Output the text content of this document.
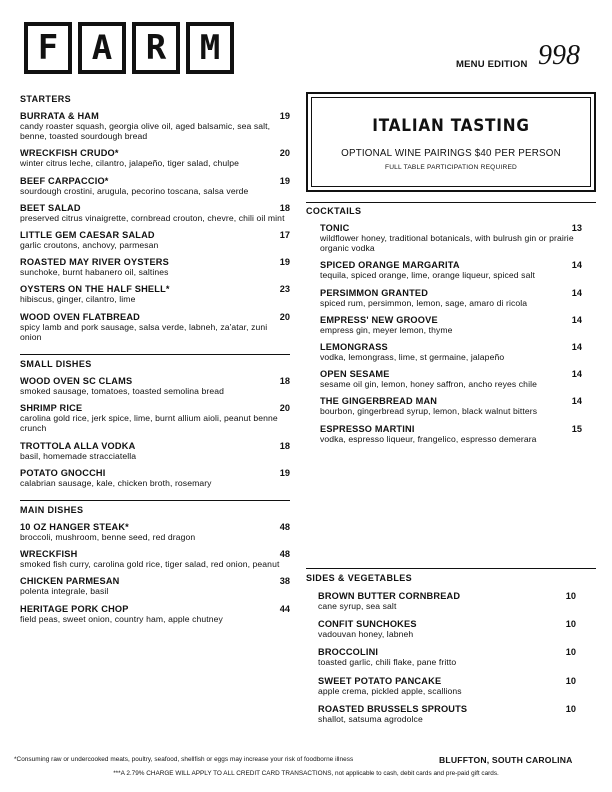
F A R M	MENU EDITION 998
STARTERS
BURRATA & HAM	19
candy roaster squash, georgia olive oil, aged balsamic, sea salt, benne, toasted sourdough bread
WRECKFISH CRUDO*	20
winter citrus leche, cilantro, jalapeño, tiger salad, chulpe
BEEF CARPACCIO*	19
sourdough crostini, arugula, pecorino toscana, salsa verde
BEET SALAD	18
preserved citrus vinaigrette, cornbread crouton, chevre, chili oil mint
LITTLE GEM CAESAR SALAD	17
garlic croutons, anchovy, parmesan
ROASTED MAY RIVER OYSTERS	19
sunchoke, burnt habanero oil, saltines
OYSTERS ON THE HALF SHELL*	23
hibiscus, ginger, cilantro, lime
WOOD OVEN FLATBREAD	20
spicy lamb and pork sausage, salsa verde, labneh, za'atar, zuni onion
SMALL DISHES
WOOD OVEN SC CLAMS	18
smoked sausage, tomatoes, toasted semolina bread
SHRIMP RICE	20
carolina gold rice, jerk spice, lime, burnt allium aioli, peanut benne crunch
TROTTOLA ALLA VODKA	18
basil, homemade stracciatella
POTATO GNOCCHI	19
calabrian sausage, kale, chicken broth, rosemary
MAIN DISHES
10 OZ HANGER STEAK*	48
broccoli, mushroom, benne seed, red dragon
WRECKFISH	48
smoked fish curry, carolina gold rice, tiger salad, red onion, peanut
CHICKEN PARMESAN	38
polenta integrale, basil
HERITAGE PORK CHOP	44
field peas, sweet onion, country ham, apple chutney
ITALIAN TASTING
OPTIONAL WINE PAIRINGS $40 PER PERSON
FULL TABLE PARTICIPATION REQUIRED
COCKTAILS
TONIC	13
wildflower honey, traditional botanicals, with bulrush gin or prairie organic vodka
SPICED ORANGE MARGARITA	14
tequila, spiced orange, lime, orange liqueur, spiced salt
PERSIMMON GRANTED	14
spiced rum, persimmon, lemon, sage, amaro di ricola
EMPRESS' NEW GROOVE	14
empress gin, meyer lemon, thyme
LEMONGRASS	14
vodka, lemongrass, lime, st germaine, jalapeño
OPEN SESAME	14
sesame oil gin, lemon, honey saffron, ancho reyes chile
THE GINGERBREAD MAN	14
bourbon, gingerbread syrup, lemon, black walnut bitters
ESPRESSO MARTINI	15
vodka, espresso liqueur, frangelico, espresso demerara
SIDES & VEGETABLES
BROWN BUTTER CORNBREAD	10
cane syrup, sea salt
CONFIT SUNCHOKES	10
vadouvan honey, labneh
BROCCOLINI	10
toasted garlic, chili flake, pane fritto
SWEET POTATO PANCAKE	10
apple crema, pickled apple, scallions
ROASTED BRUSSELS SPROUTS	10
shallot, satsuma agrodolce
*Consuming raw or undercooked meats, poultry, seafood, shellfish or eggs may increase your risk of foodborne illness	BLUFFTON, SOUTH CAROLINA
***A 2.79% CHARGE WILL APPLY TO ALL CREDIT CARD TRANSACTIONS, not applicable to cash, debit cards and pre-paid gift cards.
